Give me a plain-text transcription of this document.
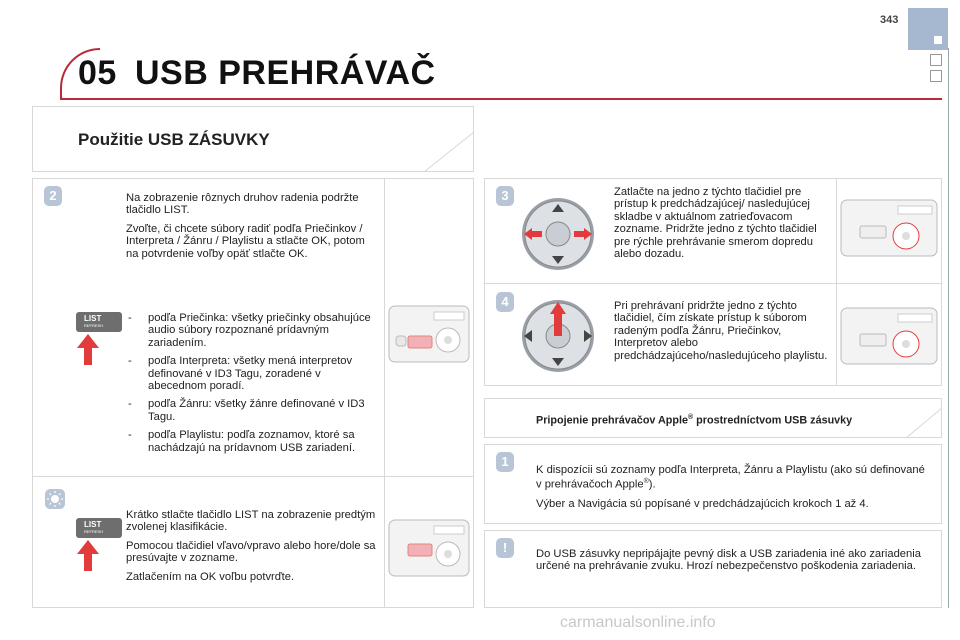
343
05 USB PREHRÁVAČ
Použitie USB ZÁSUVKY
2	Na zobrazenie rôznych druhov radenia podržte tlačidlo LIST.

Zvoľte, či chcete súbory radiť podľa Priečinkov / Interpreta / Žánru / Playlistu a stlačte OK, potom na potvrdenie voľby opäť stlačte OK.

- podľa Priečinka: všetky priečinky obsahujúce audio súbory rozpoznané prídavným zariadením.
- podľa Interpreta: všetky mená interpretov definované v ID3 Tagu, zoradené v abecednom poradí.
- podľa Žánru: všetky žánre definované v ID3 Tagu.
- podľa Playlistu: podľa zoznamov, ktoré sa nachádzajú na prídavnom USB zariadení.
LIST
REFRESH

Krátko stlačte tlačidlo LIST na zobrazenie predtým zvolenej klasifikácie.

Pomocou tlačidiel vľavo/vpravo alebo hore/dole sa presúvajte v zozname.

Zatlačením na OK voľbu potvrďte.

LIST
REFRESH
3	Zatlačte na jedno z týchto tlačidiel pre prístup k predchádzajúcej/ nasledujúcej skladbe v aktuálnom zatrieďovacom zozname. Pridržte jedno z týchto tlačidiel pre rýchle prehrávanie smerom dopredu alebo dozadu.
4	Pri prehrávaní pridržte jedno z týchto tlačidiel, čím získate prístup k súborom radeným podľa Žánru, Priečinkov, Interpretov alebo predchádzajúceho/nasledujúceho playlistu.
Pripojenie prehrávačov Apple® prostredníctvom USB zásuvky
1

K dispozícii sú zoznamy podľa Interpreta, Žánru a Playlistu (ako sú definované v prehrávačoch Apple®).

Výber a Navigácia sú popísané v predchádzajúcich krokoch 1 až 4.

!	Do USB zásuvky nepripájajte pevný disk a USB zariadenia iné ako zariadenia určené na prehrávanie zvuku. Hrozí nebezpečenstvo poškodenia zariadenia.
carmanualsonline.info
